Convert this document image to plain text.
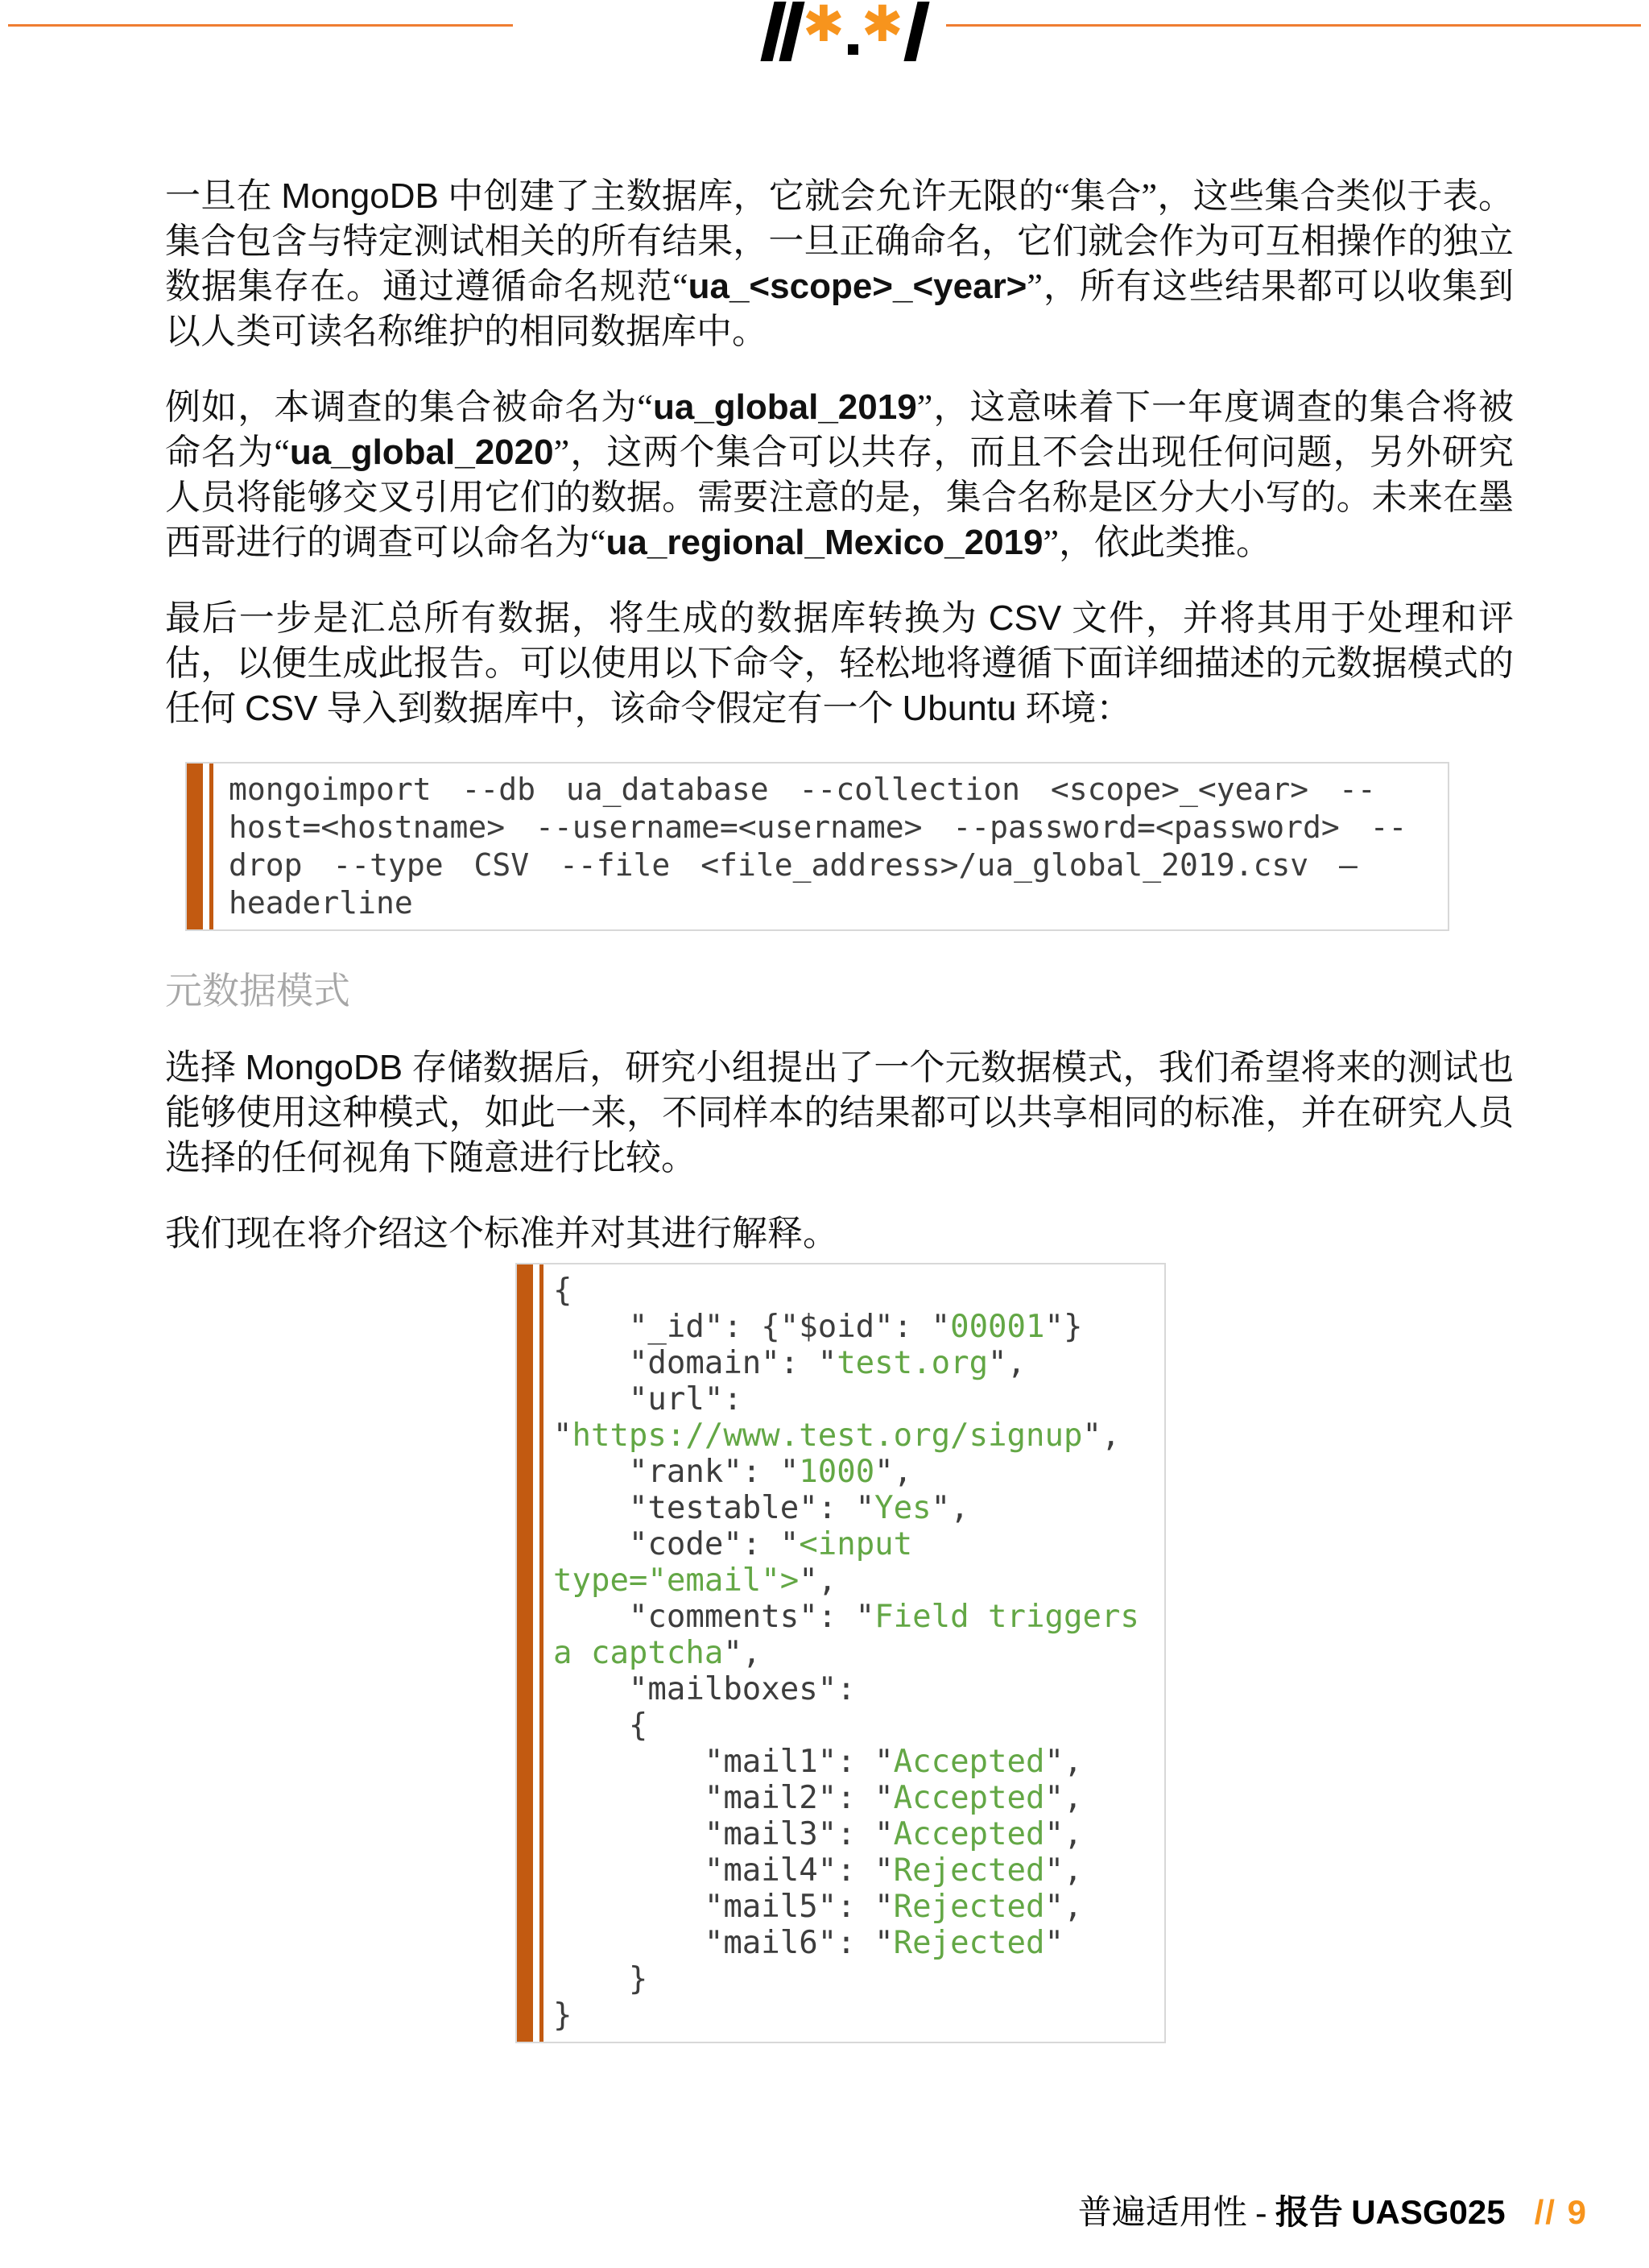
✱ ✱

一旦在 MongoDB 中创建了主数据库，它就会允许无限的“集合”，这些集合类似于表。集合包含与特定测试相关的所有结果，一旦正确命名，它们就会作为可互相操作的独立数据集存在。通过遵循命名规范“ua_<scope>_<year>”，所有这些结果都可以收集到以人类可读名称维护的相同数据库中。

例如，本调查的集合被命名为“ua_global_2019”，这意味着下一年度调查的集合将被命名为“ua_global_2020”，这两个集合可以共存，而且不会出现任何问题，另外研究人员将能够交叉引用它们的数据。需要注意的是，集合名称是区分大小写的。未来在墨西哥进行的调查可以命名为“ua_regional_Mexico_2019”，依此类推。

最后一步是汇总所有数据，将生成的数据库转换为 CSV 文件，并将其用于处理和评估，以便生成此报告。可以使用以下命令，轻松地将遵循下面详细描述的元数据模式的任何 CSV 导入到数据库中，该命令假定有一个 Ubuntu 环境：

mongoimport --db ua_database --collection <scope>_<year> --
host=<hostname> --username=<username> --password=<password> --
drop --type CSV --file <file_address>/ua_global_2019.csv –
headerline
元数据模式

选择 MongoDB 存储数据后，研究小组提出了一个元数据模式，我们希望将来的测试也能够使用这种模式，如此一来，不同样本的结果都可以共享相同的标准，并在研究人员选择的任何视角下随意进行比较。

我们现在将介绍这个标准并对其进行解释。

{
"_id": {"$oid": "00001"}
"domain": "test.org",
"url":
"https://www.test.org/signup",
"rank": "1000",
"testable": "Yes",
"code": "<input
type="email">",
"comments": "Field triggers
a captcha",
"mailboxes":
{
"mail1": "Accepted",
"mail2": "Accepted",
"mail3": "Accepted",
"mail4": "Rejected",
"mail5": "Rejected",
"mail6": "Rejected"
}
}
普遍适用性 - 报告 UASG025 // 9
